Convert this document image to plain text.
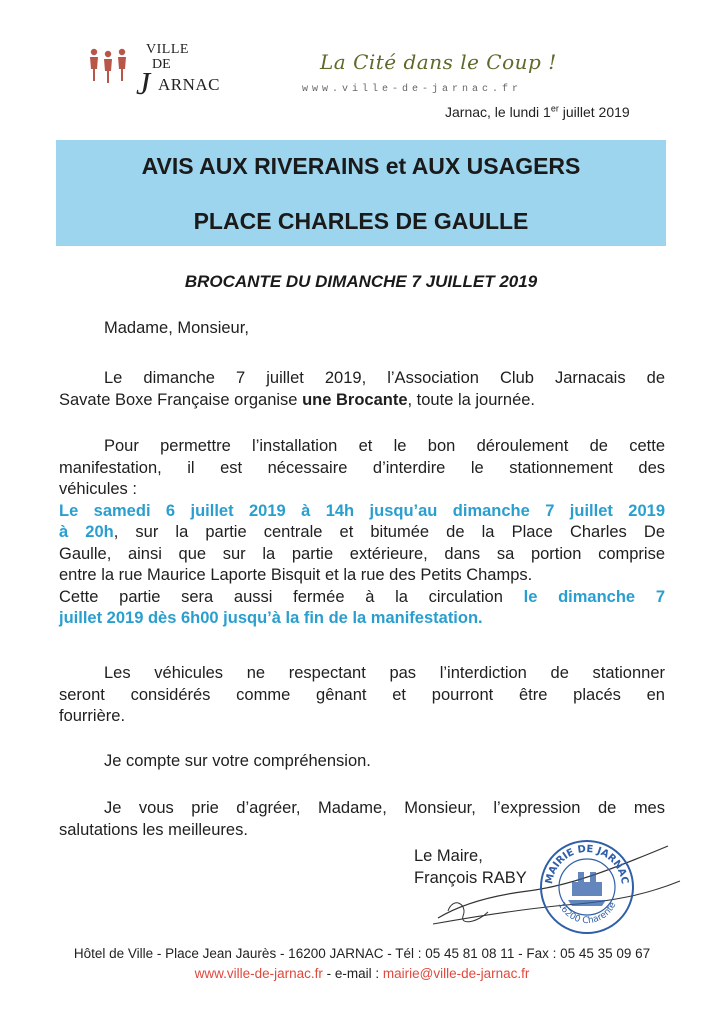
VILLE
DE
J ARNAC
La Cité dans le Coup !
www.ville-de-jarnac.fr
Jarnac, le lundi 1er juillet 2019
AVIS AUX RIVERAINS et AUX USAGERS
PLACE CHARLES DE GAULLE
BROCANTE DU DIMANCHE 7 JUILLET 2019
Madame, Monsieur,
Le dimanche 7 juillet 2019, l’Association Club Jarnacais de
Savate Boxe Française organise une Brocante, toute la journée.
Pour permettre l’installation et le bon déroulement de cette
manifestation, il est nécessaire d’interdire le stationnement des
véhicules :
Le samedi 6 juillet 2019 à 14h jusqu’au dimanche 7 juillet 2019
à 20h, sur la partie centrale et bitumée de la Place Charles De
Gaulle, ainsi que sur la partie extérieure, dans sa portion comprise
entre la rue Maurice Laporte Bisquit et la rue des Petits Champs.
Cette partie sera aussi fermée à la circulation le dimanche 7
juillet 2019 dès 6h00 jusqu’à la fin de la manifestation.
Les véhicules ne respectant pas l’interdiction de stationner
seront considérés comme gênant et pourront être placés en
fourrière.
Je compte sur votre compréhension.
Je vous prie d’agréer, Madame, Monsieur, l’expression de mes
salutations les meilleures.
Le Maire,
François RABY MAIRIE DE JARNAC
16200 Charente
Hôtel de Ville - Place Jean Jaurès - 16200 JARNAC - Tél : 05 45 81 08 11 - Fax : 05 45 35 09 67
www.ville-de-jarnac.fr - e-mail : mairie@ville-de-jarnac.fr
